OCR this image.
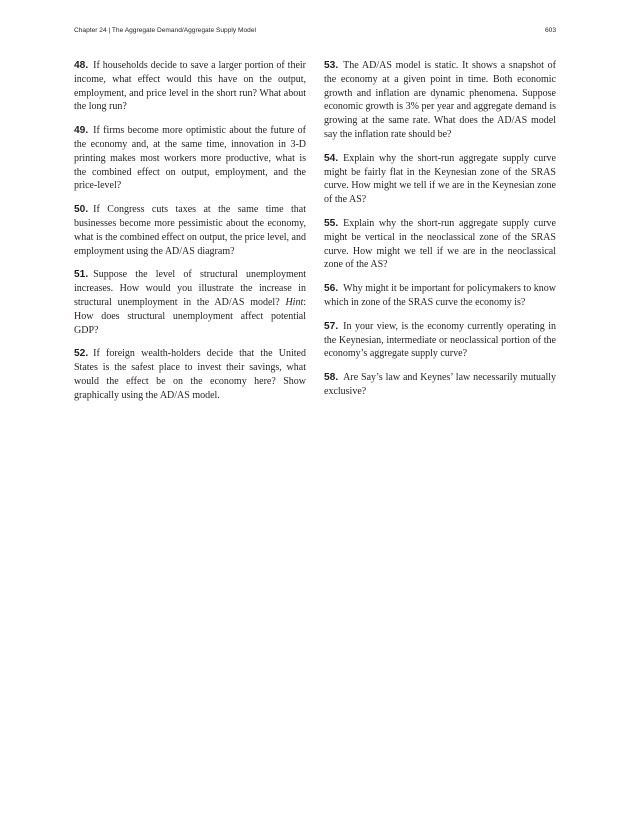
Chapter 24 | The Aggregate Demand/Aggregate Supply Model	603

48. If households decide to save a larger portion of their income, what effect would this have on the output, employment, and price level in the short run? What about the long run?

49. If firms become more optimistic about the future of the economy and, at the same time, innovation in 3-D printing makes most workers more productive, what is the combined effect on output, employment, and the price-level?

50. If Congress cuts taxes at the same time that businesses become more pessimistic about the economy, what is the combined effect on output, the price level, and employment using the AD/AS diagram?

51. Suppose the level of structural unemployment increases. How would you illustrate the increase in structural unemployment in the AD/AS model? Hint: How does structural unemployment affect potential GDP?

52. If foreign wealth-holders decide that the United States is the safest place to invest their savings, what would the effect be on the economy here? Show graphically using the AD/AS model.

53. The AD/AS model is static. It shows a snapshot of the economy at a given point in time. Both economic growth and inflation are dynamic phenomena. Suppose economic growth is 3% per year and aggregate demand is growing at the same rate. What does the AD/AS model say the inflation rate should be?

54. Explain why the short-run aggregate supply curve might be fairly flat in the Keynesian zone of the SRAS curve. How might we tell if we are in the Keynesian zone of the AS?

55. Explain why the short-run aggregate supply curve might be vertical in the neoclassical zone of the SRAS curve. How might we tell if we are in the neoclassical zone of the AS?

56. Why might it be important for policymakers to know which in zone of the SRAS curve the economy is?

57. In your view, is the economy currently operating in the Keynesian, intermediate or neoclassical portion of the economy’s aggregate supply curve?

58. Are Say’s law and Keynes’ law necessarily mutually exclusive?
